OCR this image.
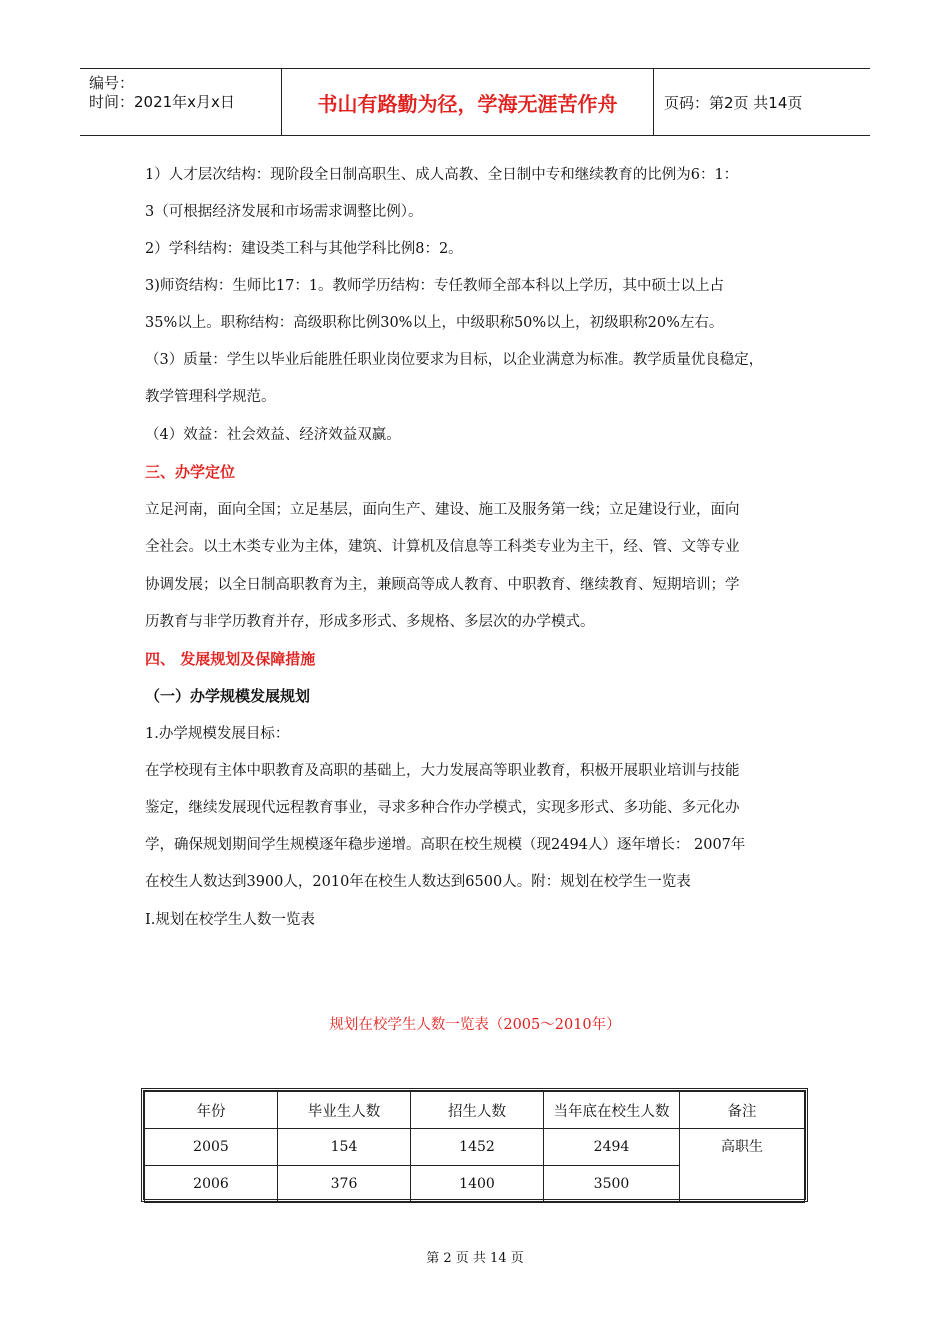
编号：
时间：2021年x月x日	书山有路勤为径，学海无涯苦作舟	页码：第2页 共14页
1）人才层次结构：现阶段全日制高职生、成人高教、全日制中专和继续教育的比例为6：1：
3（可根据经济发展和市场需求调整比例）。
2）学科结构：建设类工科与其他学科比例8：2。
3)师资结构：生师比17：1。教师学历结构：专任教师全部本科以上学历，其中硕士以上占
35%以上。职称结构：高级职称比例30%以上，中级职称50%以上，初级职称20%左右。
（3）质量：学生以毕业后能胜任职业岗位要求为目标，以企业满意为标准。教学质量优良稳定，
教学管理科学规范。
（4）效益：社会效益、经济效益双赢。
三、办学定位
立足河南，面向全国；立足基层，面向生产、建设、施工及服务第一线；立足建设行业，面向
全社会。以土木类专业为主体，建筑、计算机及信息等工科类专业为主干，经、管、文等专业
协调发展；以全日制高职教育为主，兼顾高等成人教育、中职教育、继续教育、短期培训；学
历教育与非学历教育并存，形成多形式、多规格、多层次的办学模式。
四、 发展规划及保障措施
（一）办学规模发展规划
1.办学规模发展目标：
在学校现有主体中职教育及高职的基础上，大力发展高等职业教育，积极开展职业培训与技能
鉴定，继续发展现代远程教育事业，寻求多种合作办学模式，实现多形式、多功能、多元化办
学，确保规划期间学生规模逐年稳步递增。高职在校生规模（现2494人）逐年增长： 2007年
在校生人数达到3900人，2010年在校生人数达到6500人。附：规划在校学生一览表
Ⅰ.规划在校学生人数一览表
规划在校学生人数一览表（2005～2010年）
年份	毕业生人数	招生人数	当年底在校生人数	备注
2005	154	1452	2494	高职生
2006	376	1400	3500	
第 2 页 共 14 页
